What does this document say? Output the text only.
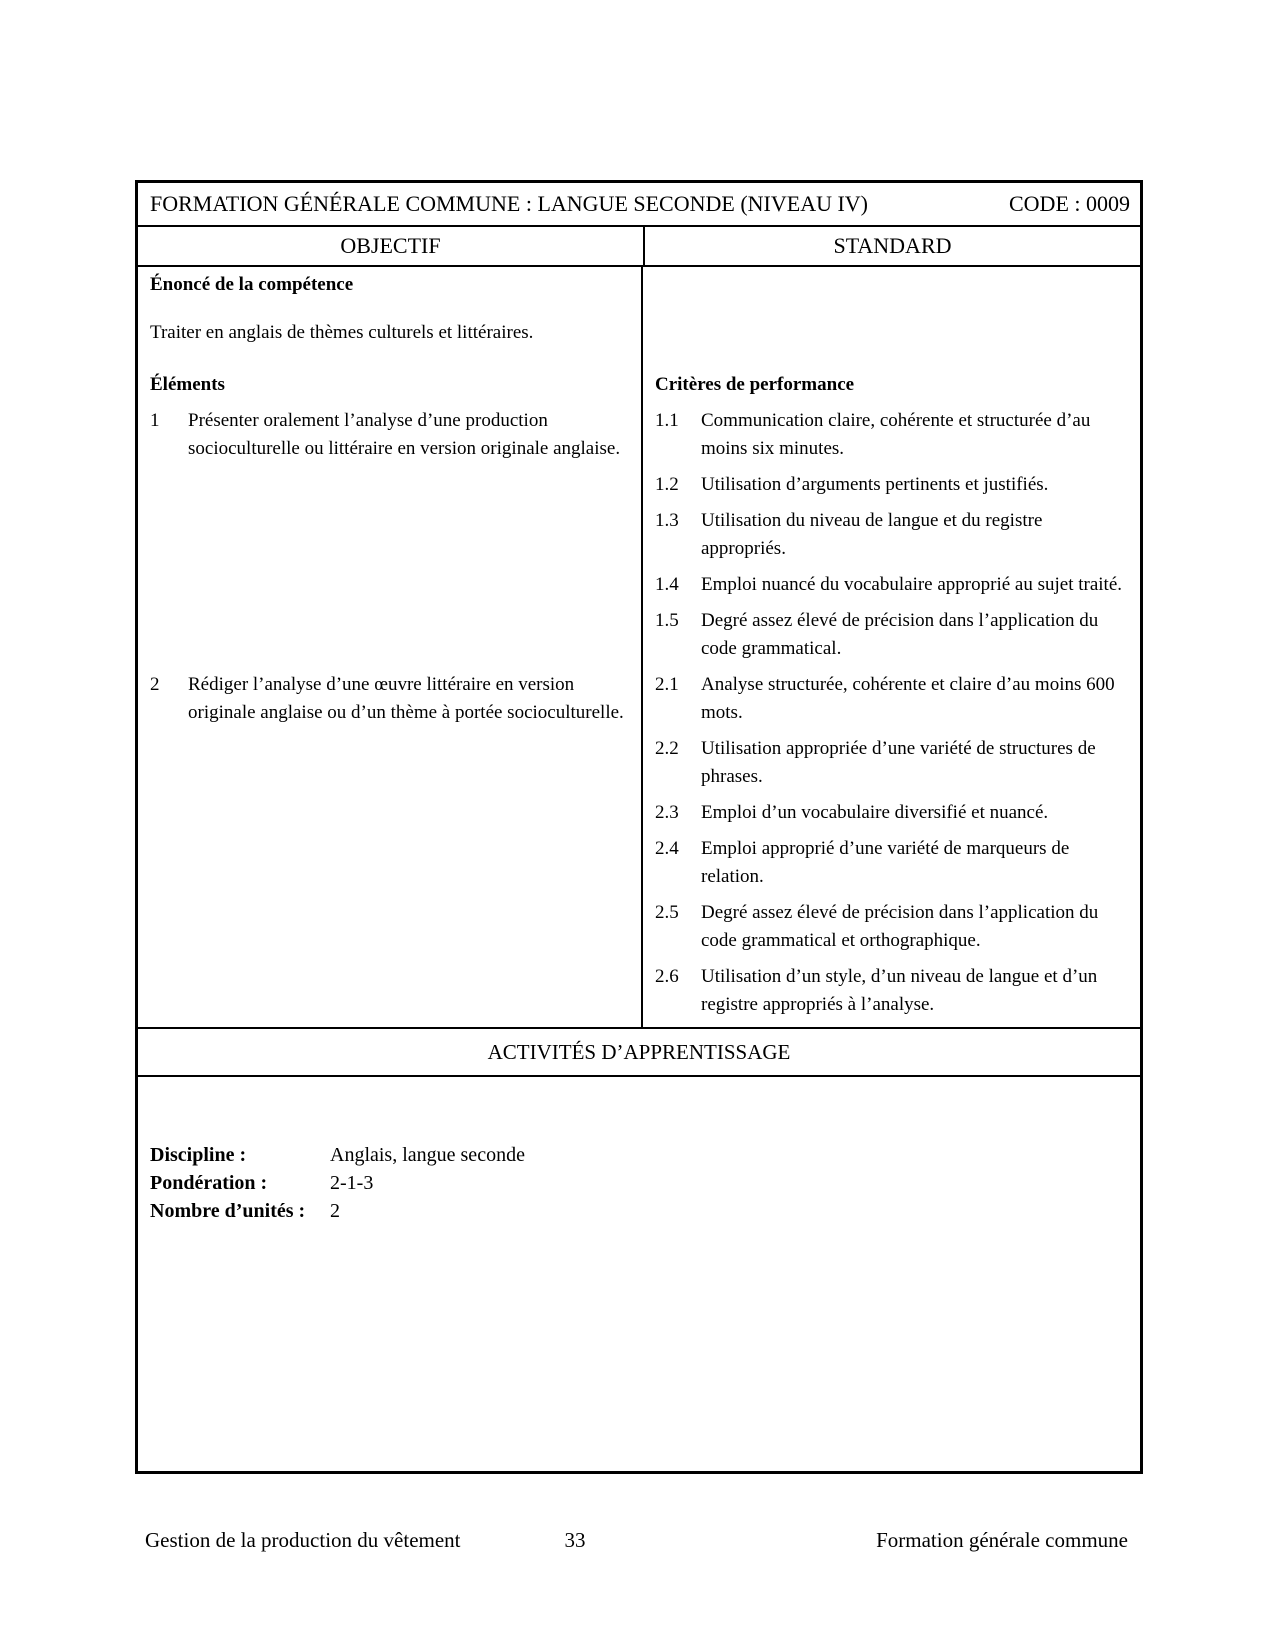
FORMATION GÉNÉRALE COMMUNE : LANGUE SECONDE (NIVEAU IV)	CODE : 0009
OBJECTIF	STANDARD
Énoncé de la compétence
Traiter en anglais de thèmes culturels et littéraires.
Éléments	Critères de performance
1	Présenter oralement l’analyse d’une production socioculturelle ou littéraire en version originale anglaise.
1.1	Communication claire, cohérente et structurée d’au moins six minutes.
1.2	Utilisation d’arguments pertinents et justifiés.
1.3	Utilisation du niveau de langue et du registre appropriés.
1.4	Emploi nuancé du vocabulaire approprié au sujet traité.
1.5	Degré assez élevé de précision dans l’application du code grammatical.
2	Rédiger l’analyse d’une œuvre littéraire en version originale anglaise ou d’un thème à portée socioculturelle.
2.1	Analyse structurée, cohérente et claire d’au moins 600 mots.
2.2	Utilisation appropriée d’une variété de structures de phrases.
2.3	Emploi d’un vocabulaire diversifié et nuancé.
2.4	Emploi approprié d’une variété de marqueurs de relation.
2.5	Degré assez élevé de précision dans l’application du code grammatical et orthographique.
2.6	Utilisation d’un style, d’un niveau de langue et d’un registre appropriés à l’analyse.
ACTIVITÉS D’APPRENTISSAGE
Discipline :	Anglais, langue seconde
Pondération :	2-1-3
Nombre d’unités :	2
Gestion de la production du vêtement	33	Formation générale commune
